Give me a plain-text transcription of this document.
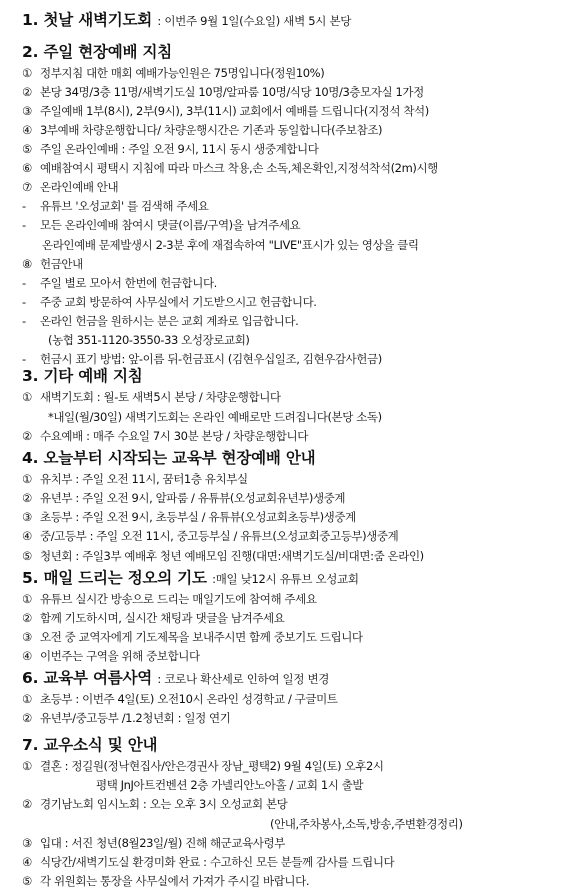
1. 첫날 새벽기도회 : 이번주 9월 1일(수요일) 새벽 5시 본당
2. 주일 현장예배 지침
① 정부지침 대한 매회 예배가능인원은 75명입니다(정원10%)
② 본당 34명/3층 11명/새벽기도실 10명/알파룸 10명/식당 10명/3층모자실 1가정
③ 주일예배 1부(8시), 2부(9시), 3부(11시) 교회에서 예배를 드립니다(지정석 착석)
④ 3부예배 차량운행합니다/ 차량운행시간은 기존과 동일합니다(주보참조)
⑤ 주일 온라인예배 : 주일 오전 9시, 11시 동시 생중계합니다
⑥ 예배참여시 평택시 지침에 따라 마스크 착용,손 소독,체온확인,지정석착석(2m)시행
⑦ 온라인예배 안내
- 유튜브 '오성교회' 를 검색해 주세요
- 모든 온라인예배 참여시 댓글(이름/구역)을 남겨주세요
온라인예배 문제발생시 2-3분 후에 재접속하여 "LIVE"표시가 있는 영상을 클릭
⑧ 헌금안내
- 주일 별로 모아서 한번에 헌금합니다.
- 주중 교회 방문하여 사무실에서 기도받으시고 헌금합니다.
- 온라인 헌금을 원하시는 분은 교회 계좌로 입금합니다.
(농협 351-1120-3550-33 오성장로교회)
- 헌금시 표기 방법: 앞-이름 뒤-헌금표시 (김현우십일조, 김현우감사헌금)
3. 기타 예배 지침
① 새벽기도회 : 월-토 새벽5시 본당 / 차량운행합니다
*내일(월/30일) 새벽기도회는 온라인 예배로만 드려집니다(본당 소독)
② 수요예배 : 매주 수요일 7시 30분 본당 / 차량운행합니다
4. 오늘부터 시작되는 교육부 현장예배 안내
① 유치부 : 주일 오전 11시, 꿈터1층 유치부실
② 유년부 : 주일 오전 9시, 알파룸 / 유튜뷰(오성교회유년부)생중계
③ 초등부 : 주일 오전 9시, 초등부실 / 유튜뷰(오성교회초등부)생중계
④ 중/고등부 : 주일 오전 11시, 중고등부실 / 유튜브(오성교회중고등부)생중계
⑤ 청년회 : 주일3부 예배후 청년 예배모임 진행(대면:새벽기도실/비대면:줌 온라인)
5. 매일 드리는 정오의 기도 :매일 낮12시 유튜브 오성교회
① 유튜브 실시간 방송으로 드리는 매일기도에 참여해 주세요
② 함께 기도하시며, 실시간 채팅과 댓글을 남겨주세요
③ 오전 중 교역자에게 기도제목을 보내주시면 함께 중보기도 드립니다
④ 이번주는 구역을 위해 중보합니다
6. 교육부 여름사역 : 코로나 확산세로 인하여 일정 변경
① 초등부 : 이번주 4일(토) 오전10시 온라인 성경학교 / 구글미트
② 유년부/중고등부 /1.2청년회 : 일정 연기
7. 교우소식 및 안내
① 결혼 : 정길원(정낙현집사/안은경권사 장남_평택2) 9월 4일(토) 오후2시
평택 JnJ아트컨벤션 2층 가넬리안노아홀 / 교회 1시 출발
② 경기남노회 임시노회 : 오는 오후 3시 오성교회 본당
(안내,주차봉사,소독,방송,주변환경정리)
③ 입대 : 서진 청년(8월23일/월) 진해 해군교육사령부
④ 식당간/새벽기도실 환경미화 완료 : 수고하신 모든 분들께 감사를 드립니다
⑤ 각 위원회는 통장을 사무실에서 가져가 주시길 바랍니다.
